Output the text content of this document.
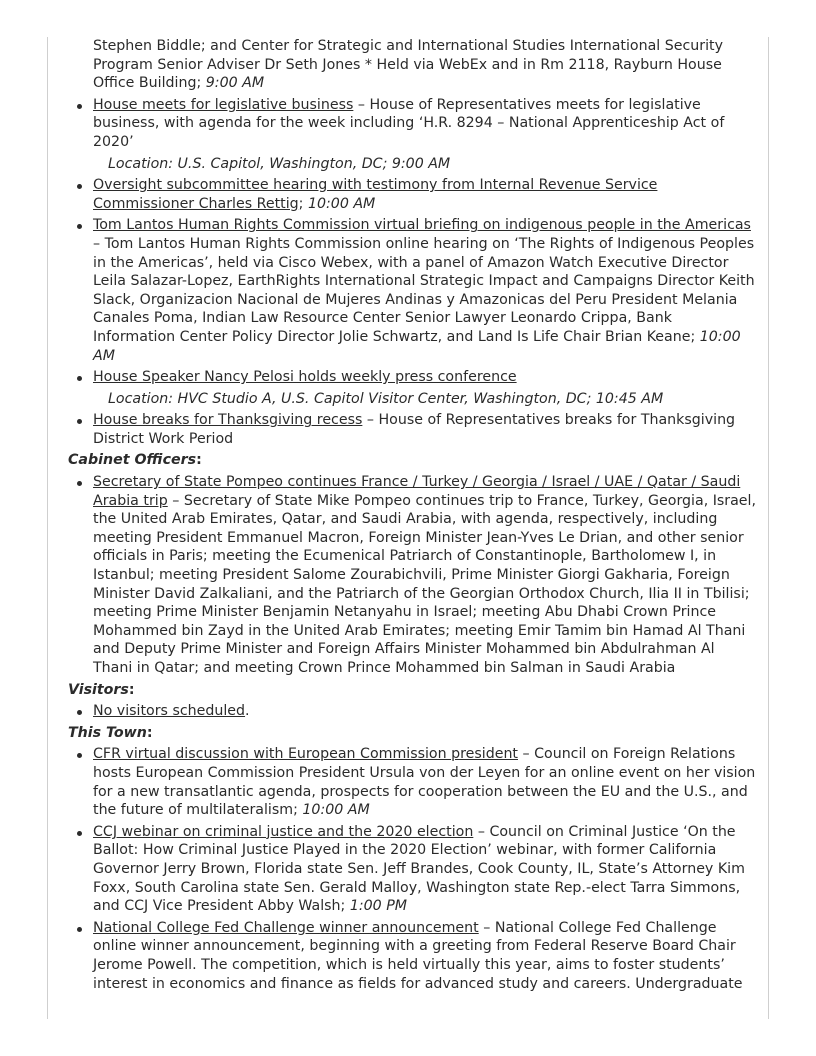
Stephen Biddle; and Center for Strategic and International Studies International Security Program Senior Adviser Dr Seth Jones * Held via WebEx and in Rm 2118, Rayburn House Office Building; 9:00 AM
House meets for legislative business – House of Representatives meets for legislative business, with agenda for the week including ‘H.R. 8294 – National Apprenticeship Act of 2020’
Location: U.S. Capitol, Washington, DC; 9:00 AM
Oversight subcommittee hearing with testimony from Internal Revenue Service Commissioner Charles Rettig; 10:00 AM
Tom Lantos Human Rights Commission virtual briefing on indigenous people in the Americas – Tom Lantos Human Rights Commission online hearing on ‘The Rights of Indigenous Peoples in the Americas’, held via Cisco Webex, with a panel of Amazon Watch Executive Director Leila Salazar-Lopez, EarthRights International Strategic Impact and Campaigns Director Keith Slack, Organizacion Nacional de Mujeres Andinas y Amazonicas del Peru President Melania Canales Poma, Indian Law Resource Center Senior Lawyer Leonardo Crippa, Bank Information Center Policy Director Jolie Schwartz, and Land Is Life Chair Brian Keane; 10:00 AM
House Speaker Nancy Pelosi holds weekly press conference
Location: HVC Studio A, U.S. Capitol Visitor Center, Washington, DC; 10:45 AM
House breaks for Thanksgiving recess – House of Representatives breaks for Thanksgiving District Work Period
Cabinet Officers:
Secretary of State Pompeo continues France / Turkey / Georgia / Israel / UAE / Qatar / Saudi Arabia trip – Secretary of State Mike Pompeo continues trip to France, Turkey, Georgia, Israel, the United Arab Emirates, Qatar, and Saudi Arabia, with agenda, respectively, including meeting President Emmanuel Macron, Foreign Minister Jean-Yves Le Drian, and other senior officials in Paris; meeting the Ecumenical Patriarch of Constantinople, Bartholomew I, in Istanbul; meeting President Salome Zourabichvili, Prime Minister Giorgi Gakharia, Foreign Minister David Zalkaliani, and the Patriarch of the Georgian Orthodox Church, Ilia II in Tbilisi; meeting Prime Minister Benjamin Netanyahu in Israel; meeting Abu Dhabi Crown Prince Mohammed bin Zayd in the United Arab Emirates; meeting Emir Tamim bin Hamad Al Thani and Deputy Prime Minister and Foreign Affairs Minister Mohammed bin Abdulrahman Al Thani in Qatar; and meeting Crown Prince Mohammed bin Salman in Saudi Arabia
Visitors:
No visitors scheduled.
This Town:
CFR virtual discussion with European Commission president – Council on Foreign Relations hosts European Commission President Ursula von der Leyen for an online event on her vision for a new transatlantic agenda, prospects for cooperation between the EU and the U.S., and the future of multilateralism; 10:00 AM
CCJ webinar on criminal justice and the 2020 election – Council on Criminal Justice ‘On the Ballot: How Criminal Justice Played in the 2020 Election’ webinar, with former California Governor Jerry Brown, Florida state Sen. Jeff Brandes, Cook County, IL, State’s Attorney Kim Foxx, South Carolina state Sen. Gerald Malloy, Washington state Rep.-elect Tarra Simmons, and CCJ Vice President Abby Walsh; 1:00 PM
National College Fed Challenge winner announcement – National College Fed Challenge online winner announcement, beginning with a greeting from Federal Reserve Board Chair Jerome Powell. The competition, which is held virtually this year, aims to foster students’ interest in economics and finance as fields for advanced study and careers. Undergraduate
